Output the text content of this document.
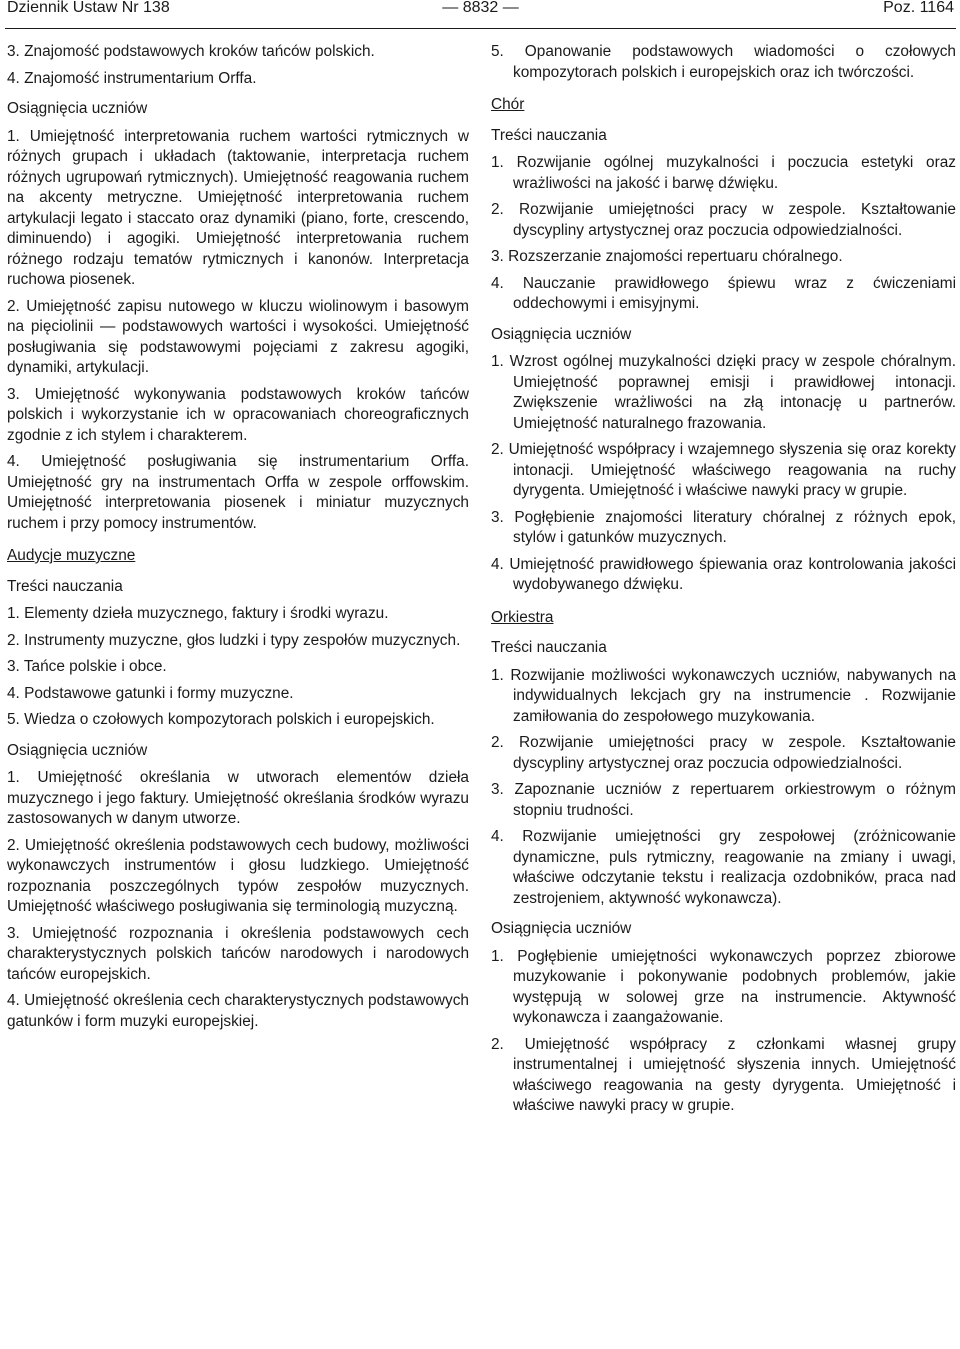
Dziennik Ustaw Nr 138	— 8832 —	Poz. 1164

3. Znajomość podstawowych kroków tańców polskich.

4. Znajomość instrumentarium Orffa.

Osiągnięcia uczniów

1. Umiejętność interpretowania ruchem wartości rytmicznych w różnych grupach i układach (taktowanie, interpretacja ruchem różnych ugrupowań rytmicznych). Umiejętność reagowania ruchem na akcenty metryczne. Umiejętność interpretowania ruchem artykulacji legato i staccato oraz dynamiki (piano, forte, crescendo, diminuendo) i agogiki. Umiejętność interpretowania ruchem różnego rodzaju tematów rytmicznych i kanonów. Interpretacja ruchowa piosenek.

2. Umiejętność zapisu nutowego w kluczu wiolinowym i basowym na pięciolinii — podstawowych wartości i wysokości. Umiejętność posługiwania się podstawowymi pojęciami z zakresu agogiki, dynamiki, artykulacji.

3. Umiejętność wykonywania podstawowych kroków tańców polskich i wykorzystanie ich w opracowaniach choreograficznych zgodnie z ich stylem i charakterem.

4. Umiejętność posługiwania się instrumentarium Orffa. Umiejętność gry na instrumentach Orffa w zespole orffowskim. Umiejętność interpretowania piosenek i miniatur muzycznych ruchem i przy pomocy instrumentów.

Audycje muzyczne

Treści nauczania

1. Elementy dzieła muzycznego, faktury i środki wyrazu.

2. Instrumenty muzyczne, głos ludzki i typy zespołów muzycznych.

3. Tańce polskie i obce.

4. Podstawowe gatunki i formy muzyczne.

5. Wiedza o czołowych kompozytorach polskich i europejskich.

Osiągnięcia uczniów

1. Umiejętność określania w utworach elementów dzieła muzycznego i jego faktury. Umiejętność określania środków wyrazu zastosowanych w danym utworze.

2. Umiejętność określenia podstawowych cech budowy, możliwości wykonawczych instrumentów i głosu ludzkiego. Umiejętność rozpoznania poszczególnych typów zespołów muzycznych. Umiejętność właściwego posługiwania się terminologią muzyczną.

3. Umiejętność rozpoznania i określenia podstawowych cech charakterystycznych polskich tańców narodowych i narodowych tańców europejskich.

4. Umiejętność określenia cech charakterystycznych podstawowych gatunków i form muzyki europejskiej.

5. Opanowanie podstawowych wiadomości o czołowych kompozytorach polskich i europejskich oraz ich twórczości.

Chór

Treści nauczania

1. Rozwijanie ogólnej muzykalności i poczucia estetyki oraz wrażliwości na jakość i barwę dźwięku.

2. Rozwijanie umiejętności pracy w zespole. Kształtowanie dyscypliny artystycznej oraz poczucia odpowiedzialności.

3. Rozszerzanie znajomości repertuaru chóralnego.

4. Nauczanie prawidłowego śpiewu wraz z ćwiczeniami oddechowymi i emisyjnymi.

Osiągnięcia uczniów

1. Wzrost ogólnej muzykalności dzięki pracy w zespole chóralnym. Umiejętność poprawnej emisji i prawidłowej intonacji. Zwiększenie wrażliwości na złą intonację u partnerów. Umiejętność naturalnego frazowania.

2. Umiejętność współpracy i wzajemnego słyszenia się oraz korekty intonacji. Umiejętność właściwego reagowania na ruchy dyrygenta. Umiejętność i właściwe nawyki pracy w grupie.

3. Pogłębienie znajomości literatury chóralnej z różnych epok, stylów i gatunków muzycznych.

4. Umiejętność prawidłowego śpiewania oraz kontrolowania jakości wydobywanego dźwięku.

Orkiestra

Treści nauczania

1. Rozwijanie możliwości wykonawczych uczniów, nabywanych na indywidualnych lekcjach gry na instrumencie . Rozwijanie zamiłowania do zespołowego muzykowania.

2. Rozwijanie umiejętności pracy w zespole. Kształtowanie dyscypliny artystycznej oraz poczucia odpowiedzialności.

3. Zapoznanie uczniów z repertuarem orkiestrowym o różnym stopniu trudności.

4. Rozwijanie umiejętności gry zespołowej (zróżnicowanie dynamiczne, puls rytmiczny, reagowanie na zmiany i uwagi, właściwe odczytanie tekstu i realizacja ozdobników, praca nad zestrojeniem, aktywność wykonawcza).

Osiągnięcia uczniów

1. Pogłębienie umiejętności wykonawczych poprzez zbiorowe muzykowanie i pokonywanie podobnych problemów, jakie występują w solowej grze na instrumencie. Aktywność wykonawcza i zaangażowanie.

2. Umiejętność współpracy z członkami własnej grupy instrumentalnej i umiejętność słyszenia innych. Umiejętność właściwego reagowania na gesty dyrygenta. Umiejętność i właściwe nawyki pracy w grupie.
